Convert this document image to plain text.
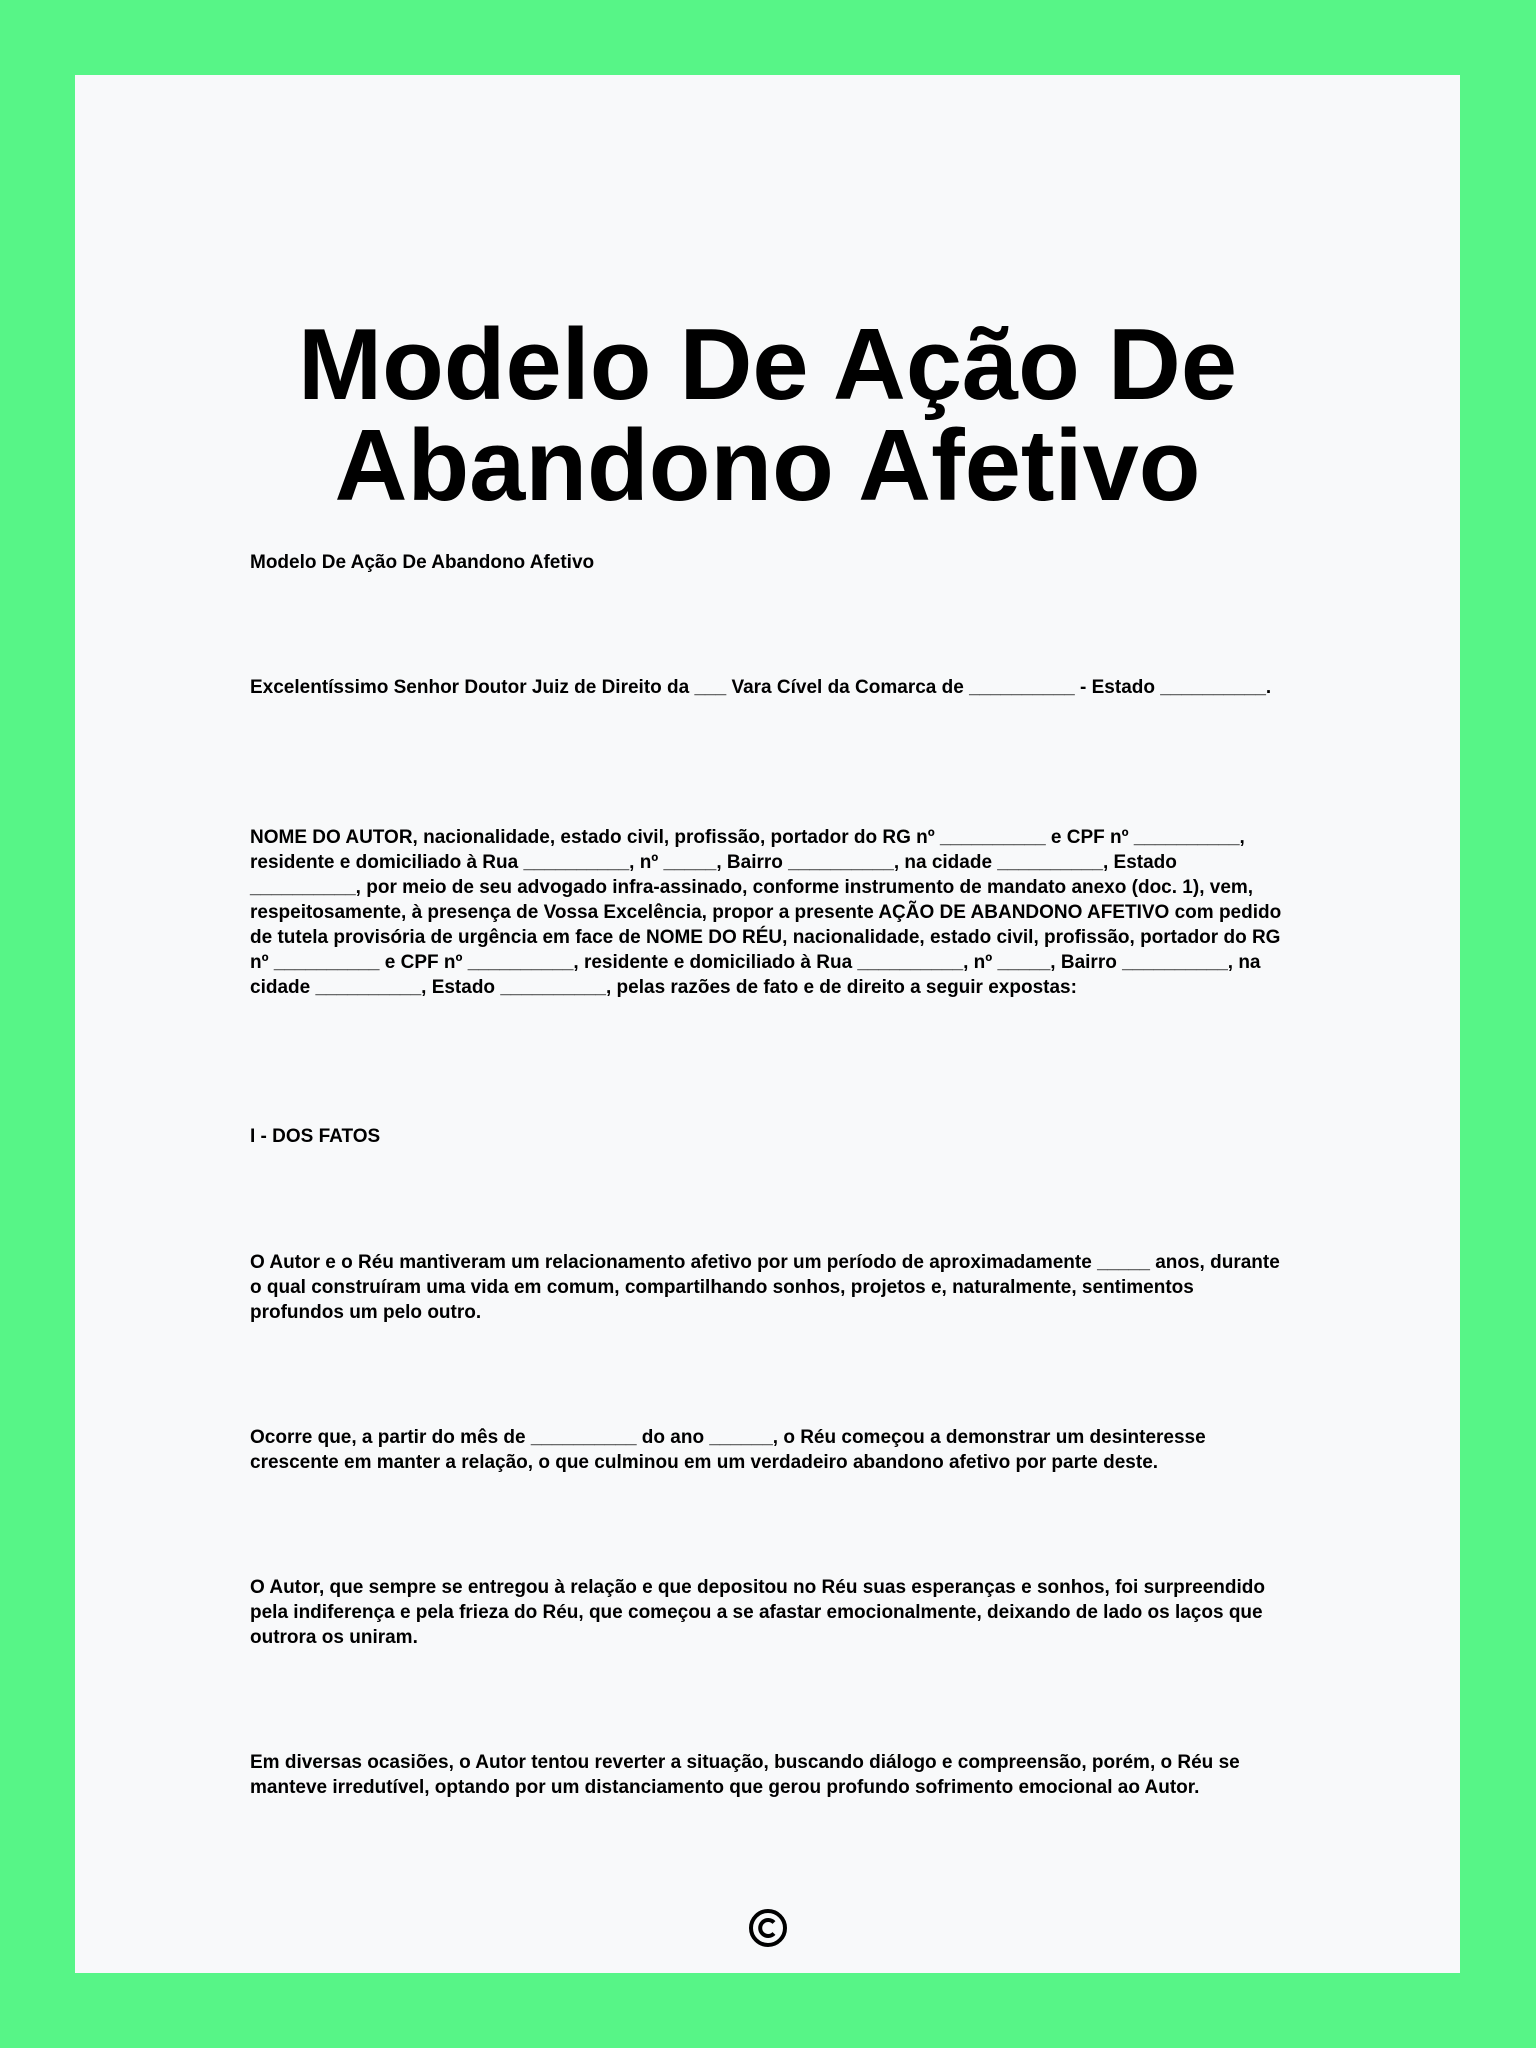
Modelo De Ação De
Abandono Afetivo

Modelo De Ação De Abandono Afetivo

Excelentíssimo Senhor Doutor Juiz de Direito da ___ Vara Cível da Comarca de __________ - Estado __________.

NOME DO AUTOR, nacionalidade, estado civil, profissão, portador do RG nº __________ e CPF nº __________, residente e domiciliado à Rua __________, nº _____, Bairro __________, na cidade __________, Estado __________, por meio de seu advogado infra-assinado, conforme instrumento de mandato anexo (doc. 1), vem, respeitosamente, à presença de Vossa Excelência, propor a presente AÇÃO DE ABANDONO AFETIVO com pedido de tutela provisória de urgência em face de NOME DO RÉU, nacionalidade, estado civil, profissão, portador do RG nº __________ e CPF nº __________, residente e domiciliado à Rua __________, nº _____, Bairro __________, na cidade __________, Estado __________, pelas razões de fato e de direito a seguir expostas:

I - DOS FATOS

O Autor e o Réu mantiveram um relacionamento afetivo por um período de aproximadamente _____ anos, durante o qual construíram uma vida em comum, compartilhando sonhos, projetos e, naturalmente, sentimentos profundos um pelo outro.

Ocorre que, a partir do mês de __________ do ano ______, o Réu começou a demonstrar um desinteresse crescente em manter a relação, o que culminou em um verdadeiro abandono afetivo por parte deste.

O Autor, que sempre se entregou à relação e que depositou no Réu suas esperanças e sonhos, foi surpreendido pela indiferença e pela frieza do Réu, que começou a se afastar emocionalmente, deixando de lado os laços que outrora os uniram.

Em diversas ocasiões, o Autor tentou reverter a situação, buscando diálogo e compreensão, porém, o Réu se manteve irredutível, optando por um distanciamento que gerou profundo sofrimento emocional ao Autor.
